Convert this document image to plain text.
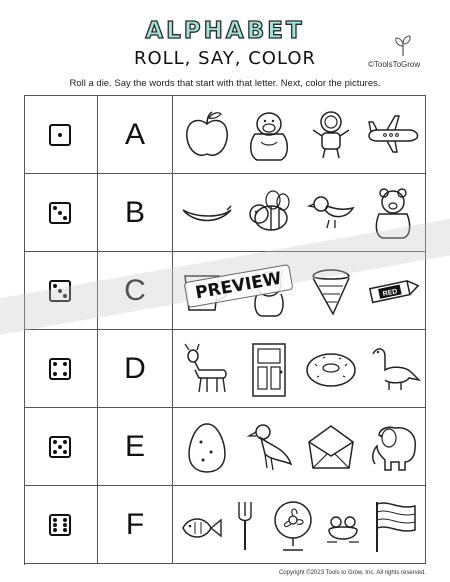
ALPHABET
ROLL, SAY, COLOR	©ToolsToGrow
Roll a die. Say the words that start with that letter. Next, color the pictures.
A
B
C	RED
D
E
F
PREVIEW
Copyright ©2023 Tools to Grow, Inc. All rights reserved.
